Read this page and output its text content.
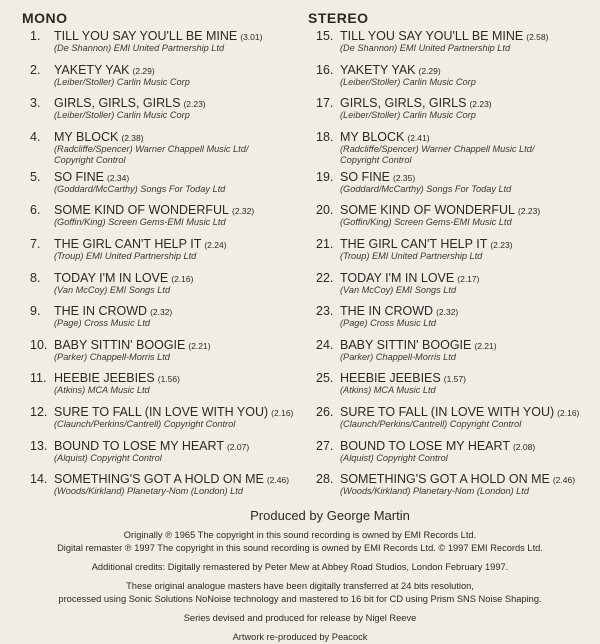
MONO
1. TILL YOU SAY YOU'LL BE MINE (3.01)
(De Shannon) EMI United Partnership Ltd
2. YAKETY YAK (2.29)
(Leiber/Stoller) Carlin Music Corp
3. GIRLS, GIRLS, GIRLS (2.23)
(Leiber/Stoller) Carlin Music Corp
4. MY BLOCK (2.38)
(Radcliffe/Spencer) Warner Chappell Music Ltd/
Copyright Control
5. SO FINE (2.34)
(Goddard/McCarthy) Songs For Today Ltd
6. SOME KIND OF WONDERFUL (2.32)
(Goffin/King) Screen Gems-EMI Music Ltd
7. THE GIRL CAN'T HELP IT (2.24)
(Troup) EMI United Partnership Ltd
8. TODAY I'M IN LOVE (2.16)
(Van McCoy) EMI Songs Ltd
9. THE IN CROWD (2.32)
(Page) Cross Music Ltd
10. BABY SITTIN' BOOGIE (2.21)
(Parker) Chappell-Morris Ltd
11. HEEBIE JEEBIES (1.56)
(Atkins) MCA Music Ltd
12. SURE TO FALL (IN LOVE WITH YOU) (2.16)
(Claunch/Perkins/Cantrell) Copyright Control
13. BOUND TO LOSE MY HEART (2.07)
(Alquist) Copyright Control
14. SOMETHING'S GOT A HOLD ON ME (2.46)
(Woods/Kirkland) Planetary-Nom (London) Ltd
STEREO
15. TILL YOU SAY YOU'LL BE MINE (2.58)
(De Shannon) EMI United Partnership Ltd
16. YAKETY YAK (2.29)
(Leiber/Stoller) Carlin Music Corp
17. GIRLS, GIRLS, GIRLS (2.23)
(Leiber/Stoller) Carlin Music Corp
18. MY BLOCK (2.41)
(Radcliffe/Spencer) Warner Chappell Music Ltd/
Copyright Control
19. SO FINE (2.35)
(Goddard/McCarthy) Songs For Today Ltd
20. SOME KIND OF WONDERFUL (2.23)
(Goffin/King) Screen Gems-EMI Music Ltd
21. THE GIRL CAN'T HELP IT (2.23)
(Troup) EMI United Partnership Ltd
22. TODAY I'M IN LOVE (2.17)
(Van McCoy) EMI Songs Ltd
23. THE IN CROWD (2.32)
(Page) Cross Music Ltd
24. BABY SITTIN' BOOGIE (2.21)
(Parker) Chappell-Morris Ltd
25. HEEBIE JEEBIES (1.57)
(Atkins) MCA Music Ltd
26. SURE TO FALL (IN LOVE WITH YOU) (2.16)
(Claunch/Perkins/Cantrell) Copyright Control
27. BOUND TO LOSE MY HEART (2.08)
(Alquist) Copyright Control
28. SOMETHING'S GOT A HOLD ON ME (2.46)
(Woods/Kirkland) Planetary-Nom (London) Ltd
Produced by George Martin
Originally ℗ 1965 The copyright in this sound recording is owned by EMI Records Ltd.
Digital remaster ℗ 1997 The copyright in this sound recording is owned by EMI Records Ltd. © 1997 EMI Records Ltd.
Additional credits: Digitally remastered by Peter Mew at Abbey Road Studios, London February 1997.
These original analogue masters have been digitally transferred at 24 bits resolution,
processed using Sonic Solutions NoNoise technology and mastered to 16 bit for CD using Prism SNS Noise Shaping.
Series devised and produced for release by Nigel Reeve
Artwork re-produced by Peacock
